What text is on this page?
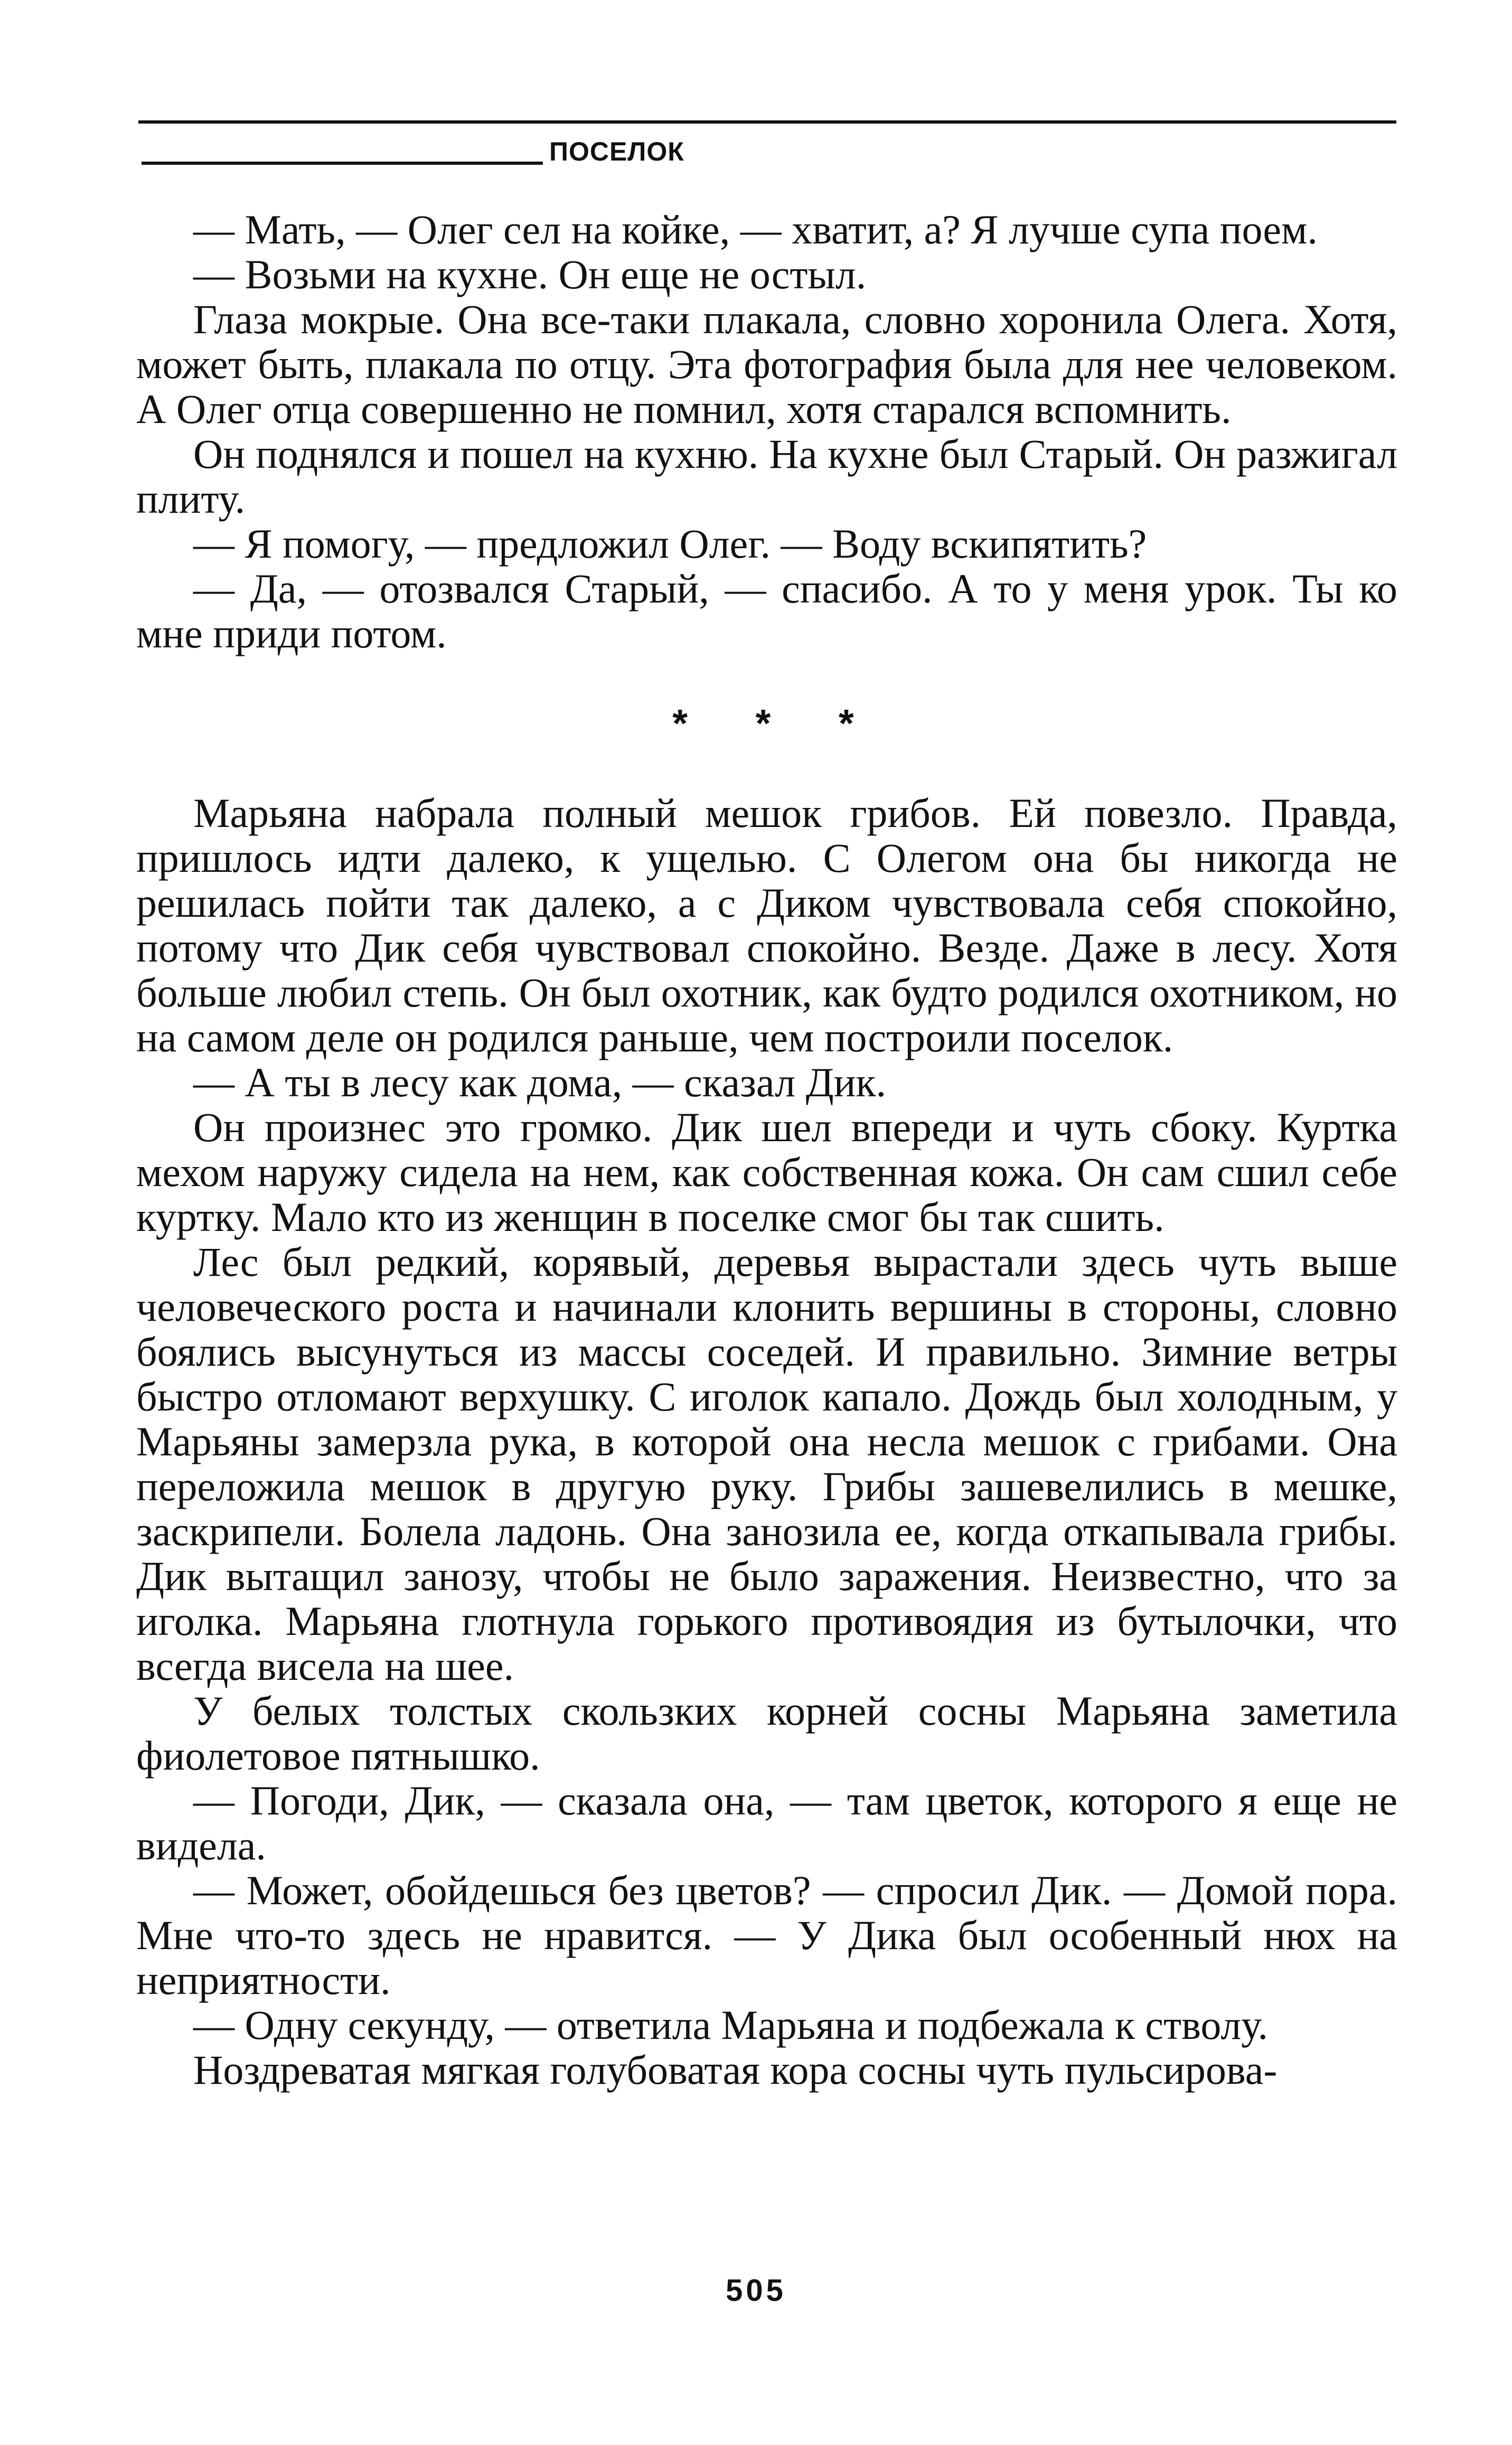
ПОСЕЛОК

— Мать, — Олег сел на койке, — хватит, а? Я лучше супа поем.

— Возьми на кухне. Он еще не остыл.

Глаза мокрые. Она все-таки плакала, словно хоронила Олега. Хотя, может быть, плакала по отцу. Эта фотография была для нее человеком. А Олег отца совершенно не помнил, хотя старался вспомнить.

Он поднялся и пошел на кухню. На кухне был Старый. Он разжигал плиту.

— Я помогу, — предложил Олег. — Воду вскипятить?

— Да, — отозвался Старый, — спасибо. А то у меня урок. Ты ко мне приди потом.

* * *

Марьяна набрала полный мешок грибов. Ей повезло. Правда, пришлось идти далеко, к ущелью. С Олегом она бы никогда не решилась пойти так далеко, а с Диком чувствовала себя спокойно, потому что Дик себя чувствовал спокойно. Везде. Даже в лесу. Хотя больше любил степь. Он был охотник, как будто родился охотником, но на самом деле он родился раньше, чем построили поселок.

— А ты в лесу как дома, — сказал Дик.

Он произнес это громко. Дик шел впереди и чуть сбоку. Куртка мехом наружу сидела на нем, как собственная кожа. Он сам сшил себе куртку. Мало кто из женщин в поселке смог бы так сшить.

Лес был редкий, корявый, деревья вырастали здесь чуть выше человеческого роста и начинали клонить вершины в стороны, словно боялись высунуться из массы соседей. И правильно. Зимние ветры быстро отломают верхушку. С иголок капало. Дождь был холодным, у Марьяны замерзла рука, в которой она несла мешок с грибами. Она переложила мешок в другую руку. Грибы зашевелились в мешке, заскрипели. Болела ладонь. Она занозила ее, когда откапывала грибы. Дик вытащил занозу, чтобы не было заражения. Неизвестно, что за иголка. Марьяна глотнула горького противоядия из бутылочки, что всегда висела на шее.

У белых толстых скользких корней сосны Марьяна заметила фиолетовое пятнышко.

— Погоди, Дик, — сказала она, — там цветок, которого я еще не видела.

— Может, обойдешься без цветов? — спросил Дик. — Домой пора. Мне что-то здесь не нравится. — У Дика был особенный нюх на неприятности.

— Одну секунду, — ответила Марьяна и подбежала к стволу.

Ноздреватая мягкая голубоватая кора сосны чуть пульсирова-

505
